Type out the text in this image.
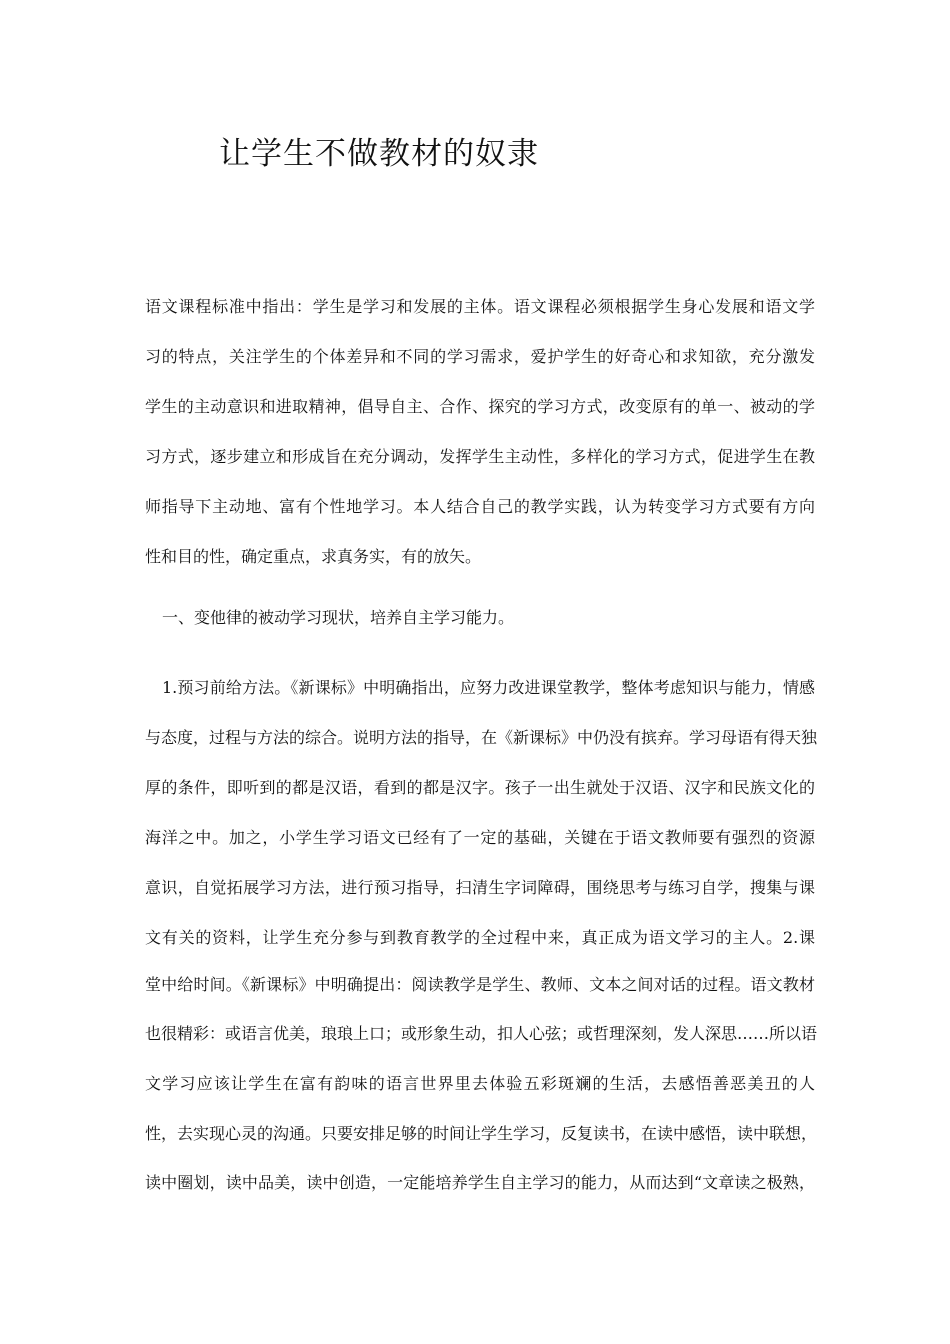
让学生不做教材的奴隶
语文课程标准中指出：学生是学习和发展的主体。语文课程必须根据学生身心发展和语文学
习的特点，关注学生的个体差异和不同的学习需求，爱护学生的好奇心和求知欲，充分激发
学生的主动意识和进取精神，倡导自主、合作、探究的学习方式，改变原有的单一、被动的学
习方式，逐步建立和形成旨在充分调动，发挥学生主动性，多样化的学习方式，促进学生在教
师指导下主动地、富有个性地学习。本人结合自己的教学实践，认为转变学习方式要有方向
性和目的性，确定重点，求真务实，有的放矢。
一、变他律的被动学习现状，培养自主学习能力。
1.预习前给方法。《新课标》中明确指出，应努力改进课堂教学，整体考虑知识与能力，情感
与态度，过程与方法的综合。说明方法的指导，在《新课标》中仍没有摈弃。学习母语有得天独
厚的条件，即听到的都是汉语，看到的都是汉字。孩子一出生就处于汉语、汉字和民族文化的
海洋之中。加之，小学生学习语文已经有了一定的基础，关键在于语文教师要有强烈的资源
意识，自觉拓展学习方法，进行预习指导，扫清生字词障碍，围绕思考与练习自学，搜集与课
文有关的资料，让学生充分参与到教育教学的全过程中来，真正成为语文学习的主人。2.课
堂中给时间。《新课标》中明确提出：阅读教学是学生、教师、文本之间对话的过程。语文教材
也很精彩：或语言优美，琅琅上口；或形象生动，扣人心弦；或哲理深刻，发人深思……所以语
文学习应该让学生在富有韵味的语言世界里去体验五彩斑斓的生活，去感悟善恶美丑的人
性，去实现心灵的沟通。只要安排足够的时间让学生学习，反复读书，在读中感悟，读中联想，
读中圈划，读中品美，读中创造，一定能培养学生自主学习的能力，从而达到“文章读之极熟，
